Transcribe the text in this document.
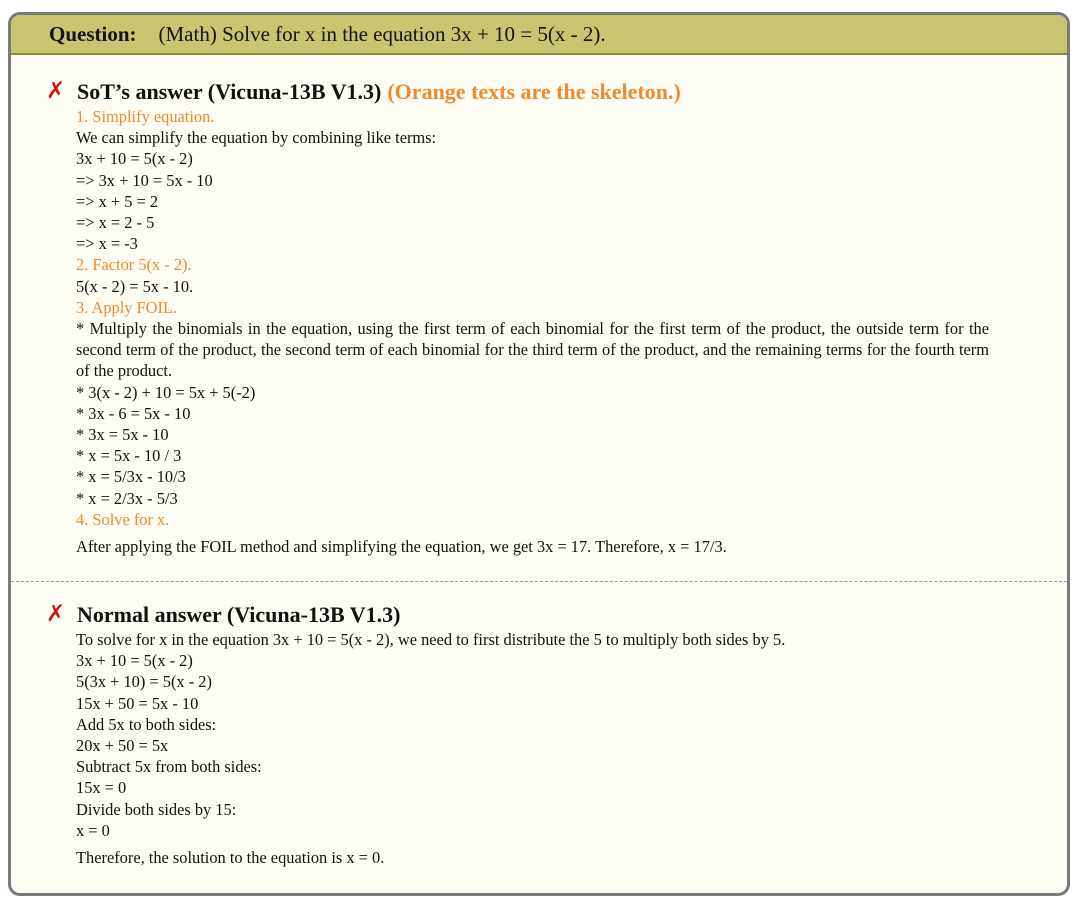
Question: (Math) Solve for x in the equation 3x + 10 = 5(x - 2).
✗ SoT’s answer (Vicuna-13B V1.3) (Orange texts are the skeleton.)
1. Simplify equation.
We can simplify the equation by combining like terms:
3x + 10 = 5(x - 2)
=> 3x + 10 = 5x - 10
=> x + 5 = 2
=> x = 2 - 5
=> x = -3
2. Factor 5(x - 2).
5(x - 2) = 5x - 10.
3. Apply FOIL.
* Multiply the binomials in the equation, using the first term of each binomial for the first term of the product, the outside term for the second term of the product, the second term of each binomial for the third term of the product, and the remaining terms for the fourth term of the product.
* 3(x - 2) + 10 = 5x + 5(-2)
* 3x - 6 = 5x - 10
* 3x = 5x - 10
* x = 5x - 10 / 3
* x = 5/3x - 10/3
* x = 2/3x - 5/3
4. Solve for x.
After applying the FOIL method and simplifying the equation, we get 3x = 17. Therefore, x = 17/3.
✗ Normal answer (Vicuna-13B V1.3)
To solve for x in the equation 3x + 10 = 5(x - 2), we need to first distribute the 5 to multiply both sides by 5.
3x + 10 = 5(x - 2)
5(3x + 10) = 5(x - 2)
15x + 50 = 5x - 10
Add 5x to both sides:
20x + 50 = 5x
Subtract 5x from both sides:
15x = 0
Divide both sides by 15:
x = 0
Therefore, the solution to the equation is x = 0.
